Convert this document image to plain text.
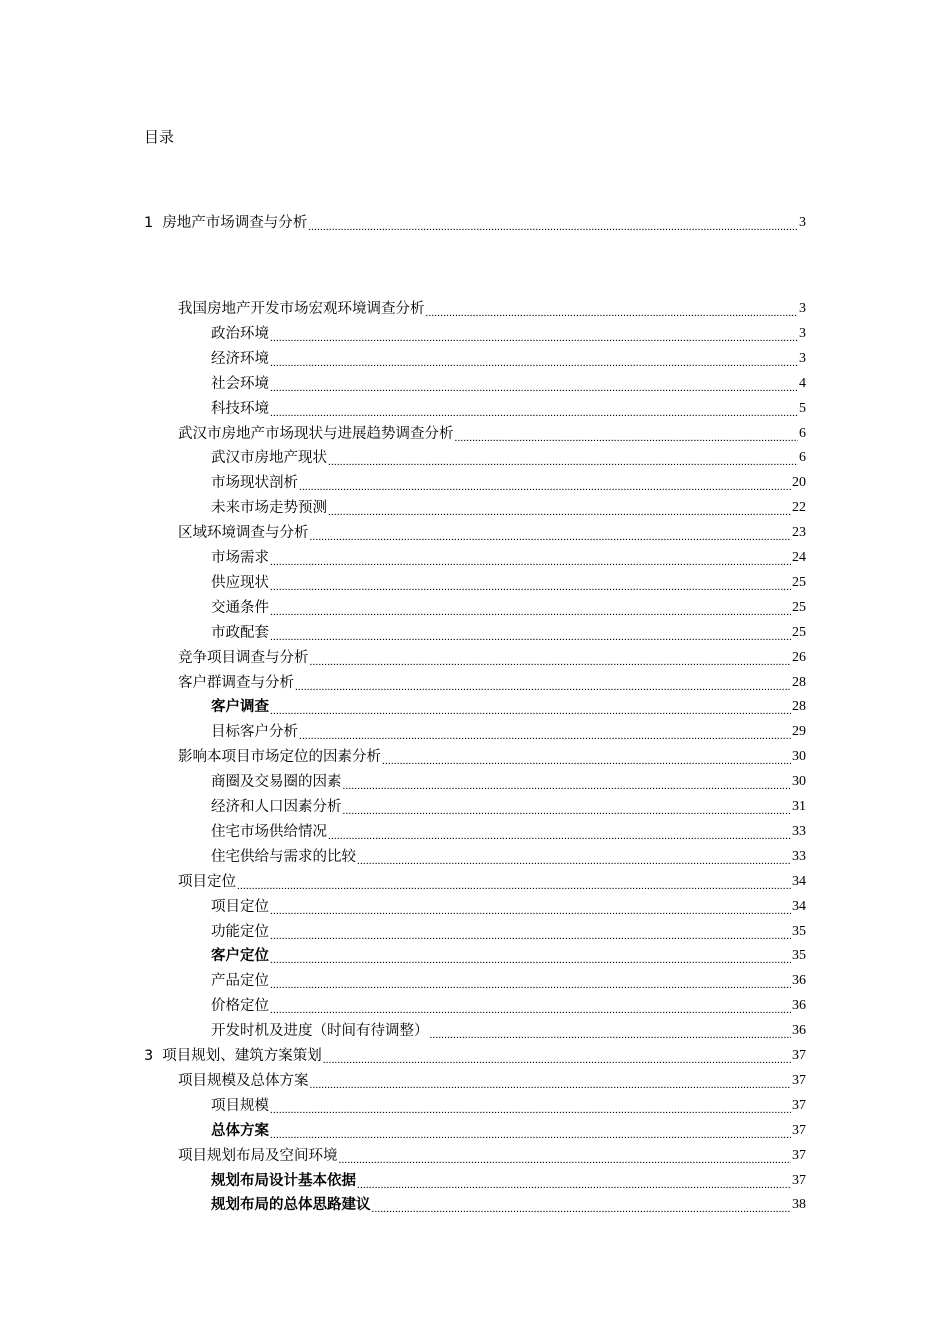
目录
1 房地产市场调查与分析 .....	3
我国房地产开发市场宏观环境调查分析 .....	3
政治环境 .....	3
经济环境 .....	3
社会环境 .....	4
科技环境 .....	5
武汉市房地产市场现状与进展趋势调查分析 .....	6
武汉市房地产现状 .....	6
市场现状剖析 .....	20
未来市场走势预测 .....	22
区域环境调查与分析 .....	23
市场需求 .....	24
供应现状 .....	25
交通条件 .....	25
市政配套 .....	25
竞争项目调查与分析 .....	26
客户群调查与分析 .....	28
客户调查 .....	28
目标客户分析 .....	29
影响本项目市场定位的因素分析 .....	30
商圈及交易圈的因素 .....	30
经济和人口因素分析 .....	31
住宅市场供给情况 .....	33
住宅供给与需求的比较 .....	33
项目定位 .....	34
项目定位 .....	34
功能定位 .....	35
客户定位 .....	35
产品定位 .....	36
价格定位 .....	36
开发时机及进度（时间有待调整） .....	36
3 项目规划、建筑方案策划 .....	37
项目规模及总体方案 .....	37
项目规模 .....	37
总体方案 .....	37
项目规划布局及空间环境 .....	37
规划布局设计基本依据 .....	37
规划布局的总体思路建议 .....	38
